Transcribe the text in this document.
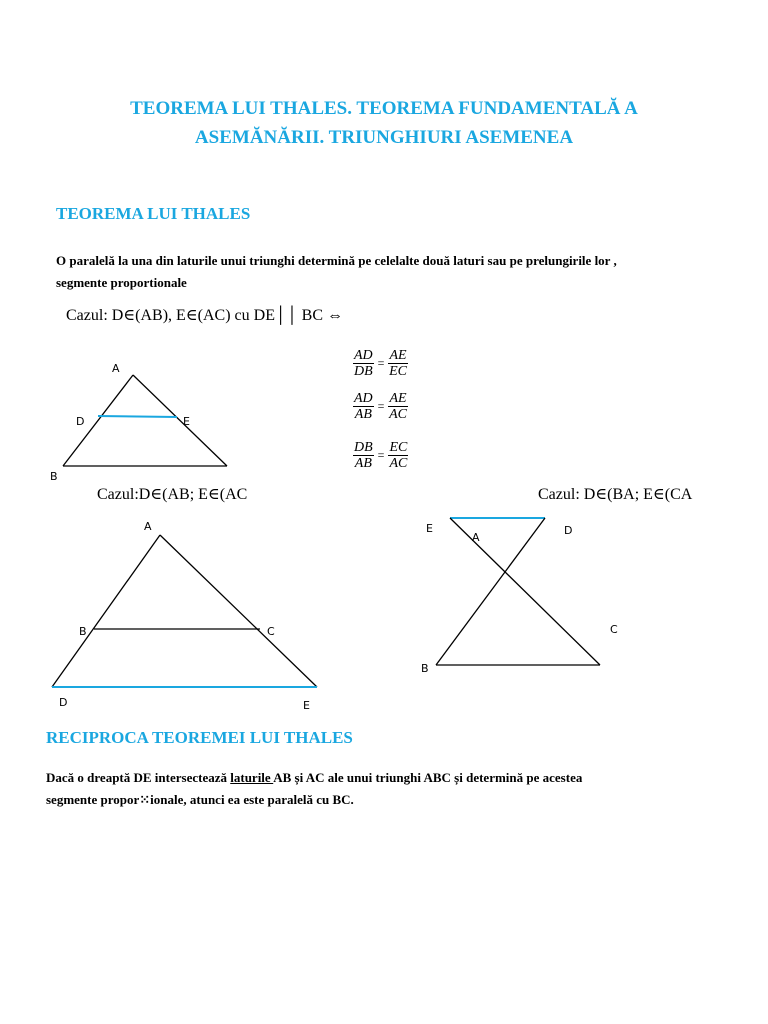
TEOREMA LUI THALES. TEOREMA FUNDAMENTALĂ A
ASEMĂNĂRII. TRIUNGHIURI ASEMENEA
TEOREMA LUI THALES
O paralelă la una din laturile unui triunghi determină pe celelalte două laturi sau pe prelungirile lor ,
segmente proportionale
Cazul: D∈(AB), E∈(AC) cu DE││ BC ⇔
A
D	E
B
$\frac{AD}{DB} = \frac{AE}{EC}$
$\frac{AD}{AB} = \frac{AE}{AC}$
$\frac{DB}{AB} = \frac{EC}{AC}$
Cazul:D∈(AB; E∈(AC	Cazul: D∈(BA; E∈(CA
A
B	C
D	E
E
A
D
C
B
RECIPROCA TEOREMEI LUI THALES
Dacă o dreaptă DE intersectează laturile AB și AC ale unui triunghi ABC și determină pe acestea
segmente propor⁙ionale, atunci ea este paralelă cu BC.
